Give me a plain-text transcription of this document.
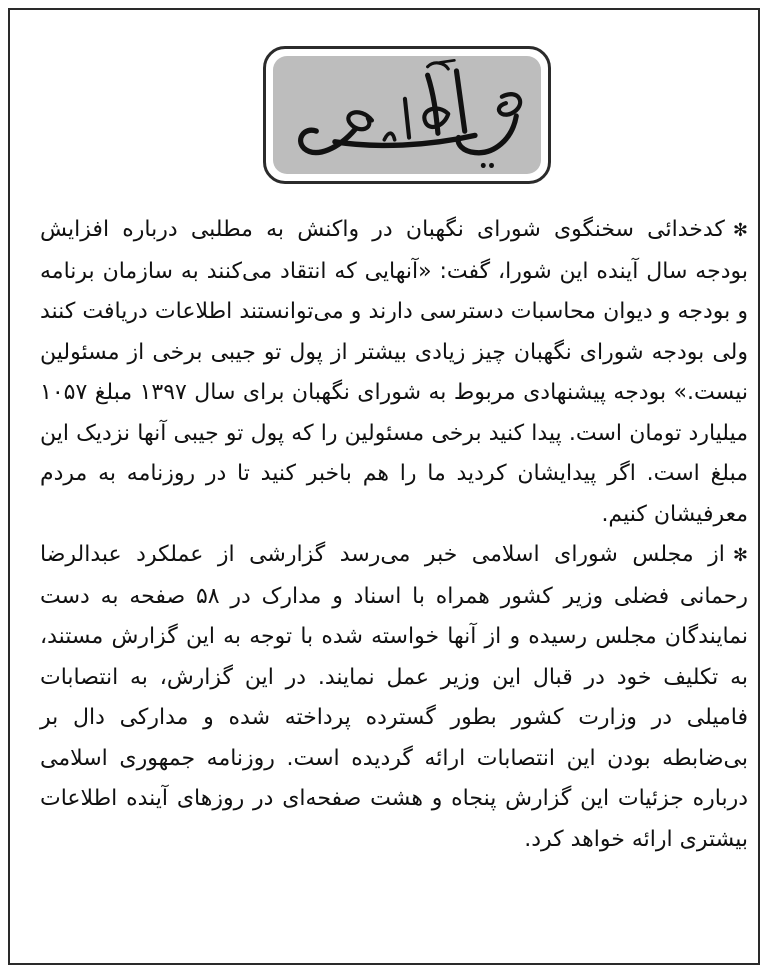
✻کدخدائی سخنگوی شورای نگهبان در واکنش به مطلبی درباره افزایش بودجه سال آینده این شورا، گفت: «آنهایی که انتقاد می‌کنند به سازمان برنامه و بودجه و دیوان محاسبات دسترسی دارند و می‌توانستند اطلاعات دریافت کنند ولی بودجه شورای نگهبان چیز زیادی بیشتر از پول تو جیبی برخی از مسئولین نیست.» بودجه پیشنهادی مربوط به شورای نگهبان برای سال ۱۳۹۷ مبلغ ۱۰۵۷ میلیارد تومان است. پیدا کنید برخی مسئولین را که پول تو جیبی آنها نزدیک این مبلغ است. اگر پیدایشان کردید ما را هم باخبر کنید تا در روزنامه به مردم معرفیشان کنیم.

✻از مجلس شورای اسلامی خبر می‌رسد گزارشی از عملکرد عبدالرضا رحمانی فضلی وزیر کشور همراه با اسناد و مدارک در ۵۸ صفحه به دست نمایندگان مجلس رسیده و از آنها خواسته شده با توجه به این گزارش مستند، به تکلیف خود در قبال این وزیر عمل نمایند. در این گزارش، به انتصابات فامیلی در وزارت کشور بطور گسترده پرداخته شده و مدارکی دال بر بی‌ضابطه بودن این انتصابات ارائه گردیده است. روزنامه جمهوری اسلامی درباره جزئیات این گزارش پنجاه و هشت صفحه‌ای در روزهای آینده اطلاعات بیشتری ارائه خواهد کرد.
